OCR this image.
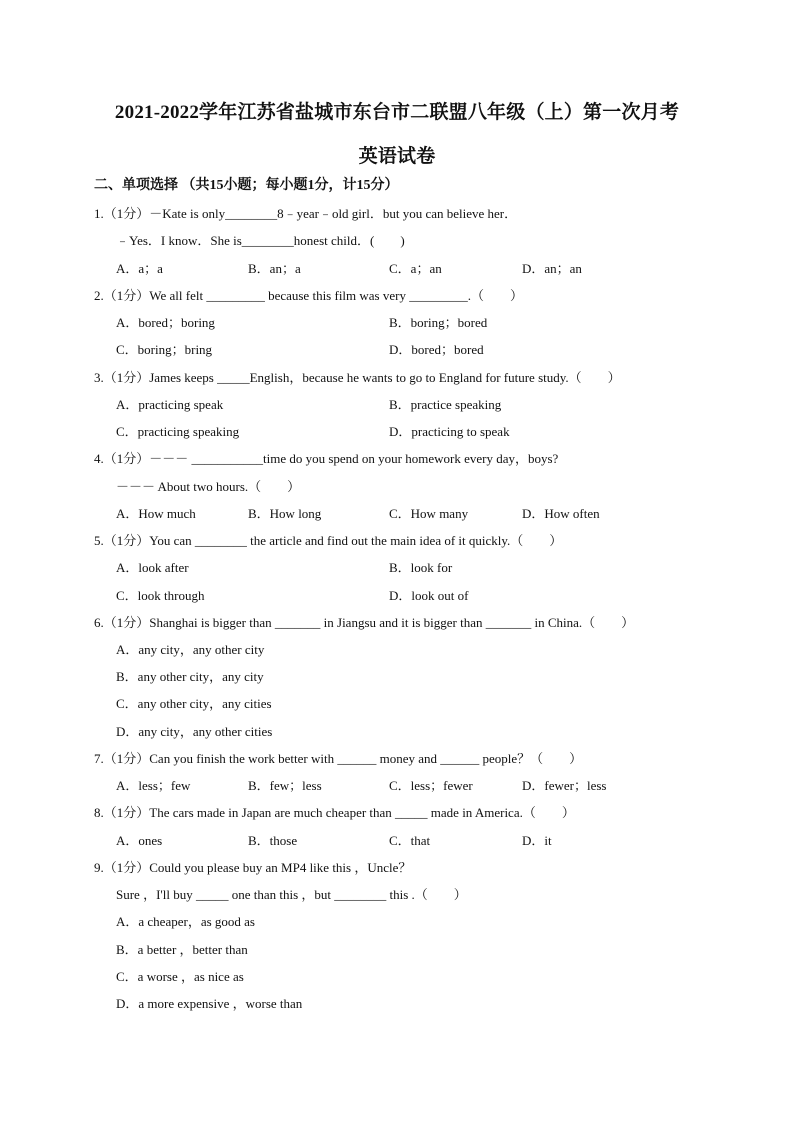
2021-2022学年江苏省盐城市东台市二联盟八年级（上）第一次月考
英语试卷
二、单项选择 （共15小题；每小题1分，计15分）
1.（1分）－Kate is only________8﹣year﹣old girl．but you can believe her．
﹣Yes．I know．She is________honest child．(　　)
A．a；a	B．an；a	C．a；an	D．an；an
2.（1分）We all felt _________ because this film was very _________.（　　）
A．bored；boring	B．boring；bored
C．boring；bring	D．bored；bored
3.（1分）James keeps _____English，because he wants to go to England for future study.（　　）
A．practicing speak	B．practice speaking
C．practicing speaking	D．practicing to speak
4.（1分）－－－ ___________time do you spend on your homework every day，boys?
－－－ About two hours.（　　）
A．How much	B．How long	C．How many	D．How often
5.（1分）You can ________ the article and find out the main idea of it quickly.（　　）
A．look after	B．look for
C．look through	D．look out of
6.（1分）Shanghai is bigger than _______ in Jiangsu and it is bigger than _______ in China.（　　）
A．any city，any other city
B．any other city，any city
C．any other city，any cities
D．any city，any other cities
7.（1分）Can you finish the work better with ______ money and ______ people？（　　）
A．less；few	B．few；less	C．less；fewer	D．fewer；less
8.（1分）The cars made in Japan are much cheaper than _____ made in America.（　　）
A．ones	B．those	C．that	D．it
9.（1分）Could you please buy an MP4 like this ，Uncle？
Sure ，I'll buy _____ one than this ，but ________ this .（　　）
A．a cheaper，as good as
B．a better ，better than
C．a worse ，as nice as
D．a more expensive ，worse than
